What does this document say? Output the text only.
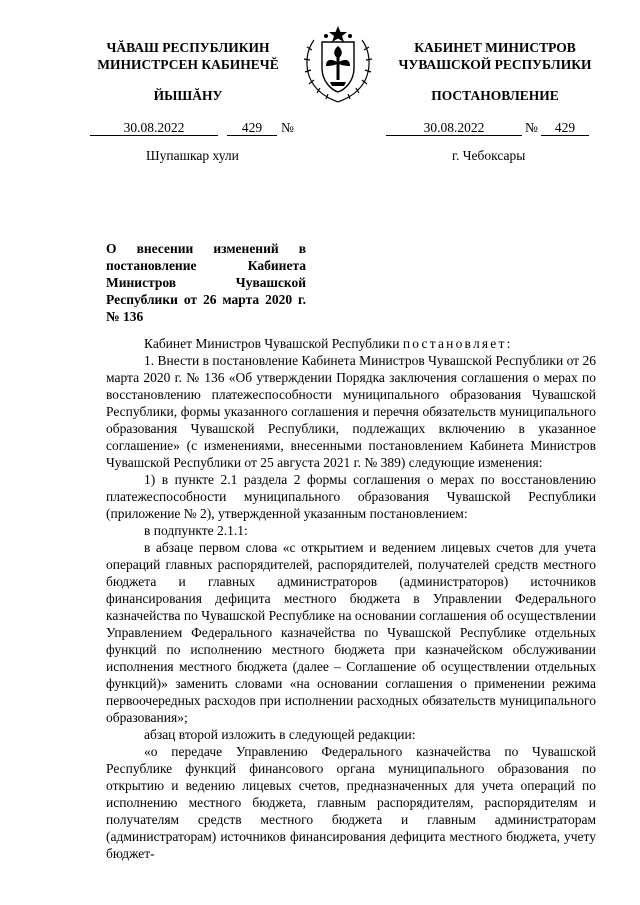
ЧĂВАШ РЕСПУБЛИКИН
МИНИСТРСЕН КАБИНЕЧĔ
КАБИНЕТ МИНИСТРОВ
ЧУВАШСКОЙ РЕСПУБЛИКИ
ЙЫШĂНУ	ПОСТАНОВЛЕНИЕ
30.08.2022	429	№	30.08.2022	№	429
Шупашкар хули	г. Чебоксары
О внесении изменений в постановление Кабинета Министров Чувашской Республики от 26 марта 2020 г. № 136

Кабинет Министров Чувашской Республики постановляет:

1. Внести в постановление Кабинета Министров Чувашской Республики от 26 марта 2020 г. № 136 «Об утверждении Порядка заключения соглашения о мерах по восстановлению платежеспособности муниципального образования Чувашской Республики, формы указанного соглашения и перечня обязательств муниципального образования Чувашской Республики, подлежащих включению в указанное соглашение» (с изменениями, внесенными постановлением Кабинета Министров Чувашской Республики от 25 августа 2021 г. № 389) следующие изменения:

1) в пункте 2.1 раздела 2 формы соглашения о мерах по восстановлению платежеспособности муниципального образования Чувашской Республики (приложение № 2), утвержденной указанным постановлением:

в подпункте 2.1.1:

в абзаце первом слова «с открытием и ведением лицевых счетов для учета операций главных распорядителей, распорядителей, получателей средств местного бюджета и главных администраторов (администраторов) источников финансирования дефицита местного бюджета в Управлении Федерального казначейства по Чувашской Республике на основании соглашения об осуществлении Управлением Федерального казначейства по Чувашской Республике отдельных функций по исполнению местного бюджета при казначейском обслуживании исполнения местного бюджета (далее – Соглашение об осуществлении отдельных функций)» заменить словами «на основании соглашения о применении режима первоочередных расходов при исполнении расходных обязательств муниципального образования»;

абзац второй изложить в следующей редакции:

«о передаче Управлению Федерального казначейства по Чувашской Республике функций финансового органа муниципального образования по открытию и ведению лицевых счетов, предназначенных для учета операций по исполнению местного бюджета, главным распорядителям, распорядителям и получателям средств местного бюджета и главным администраторам (администраторам) источников финансирования дефицита местного бюджета, учету бюджет-
